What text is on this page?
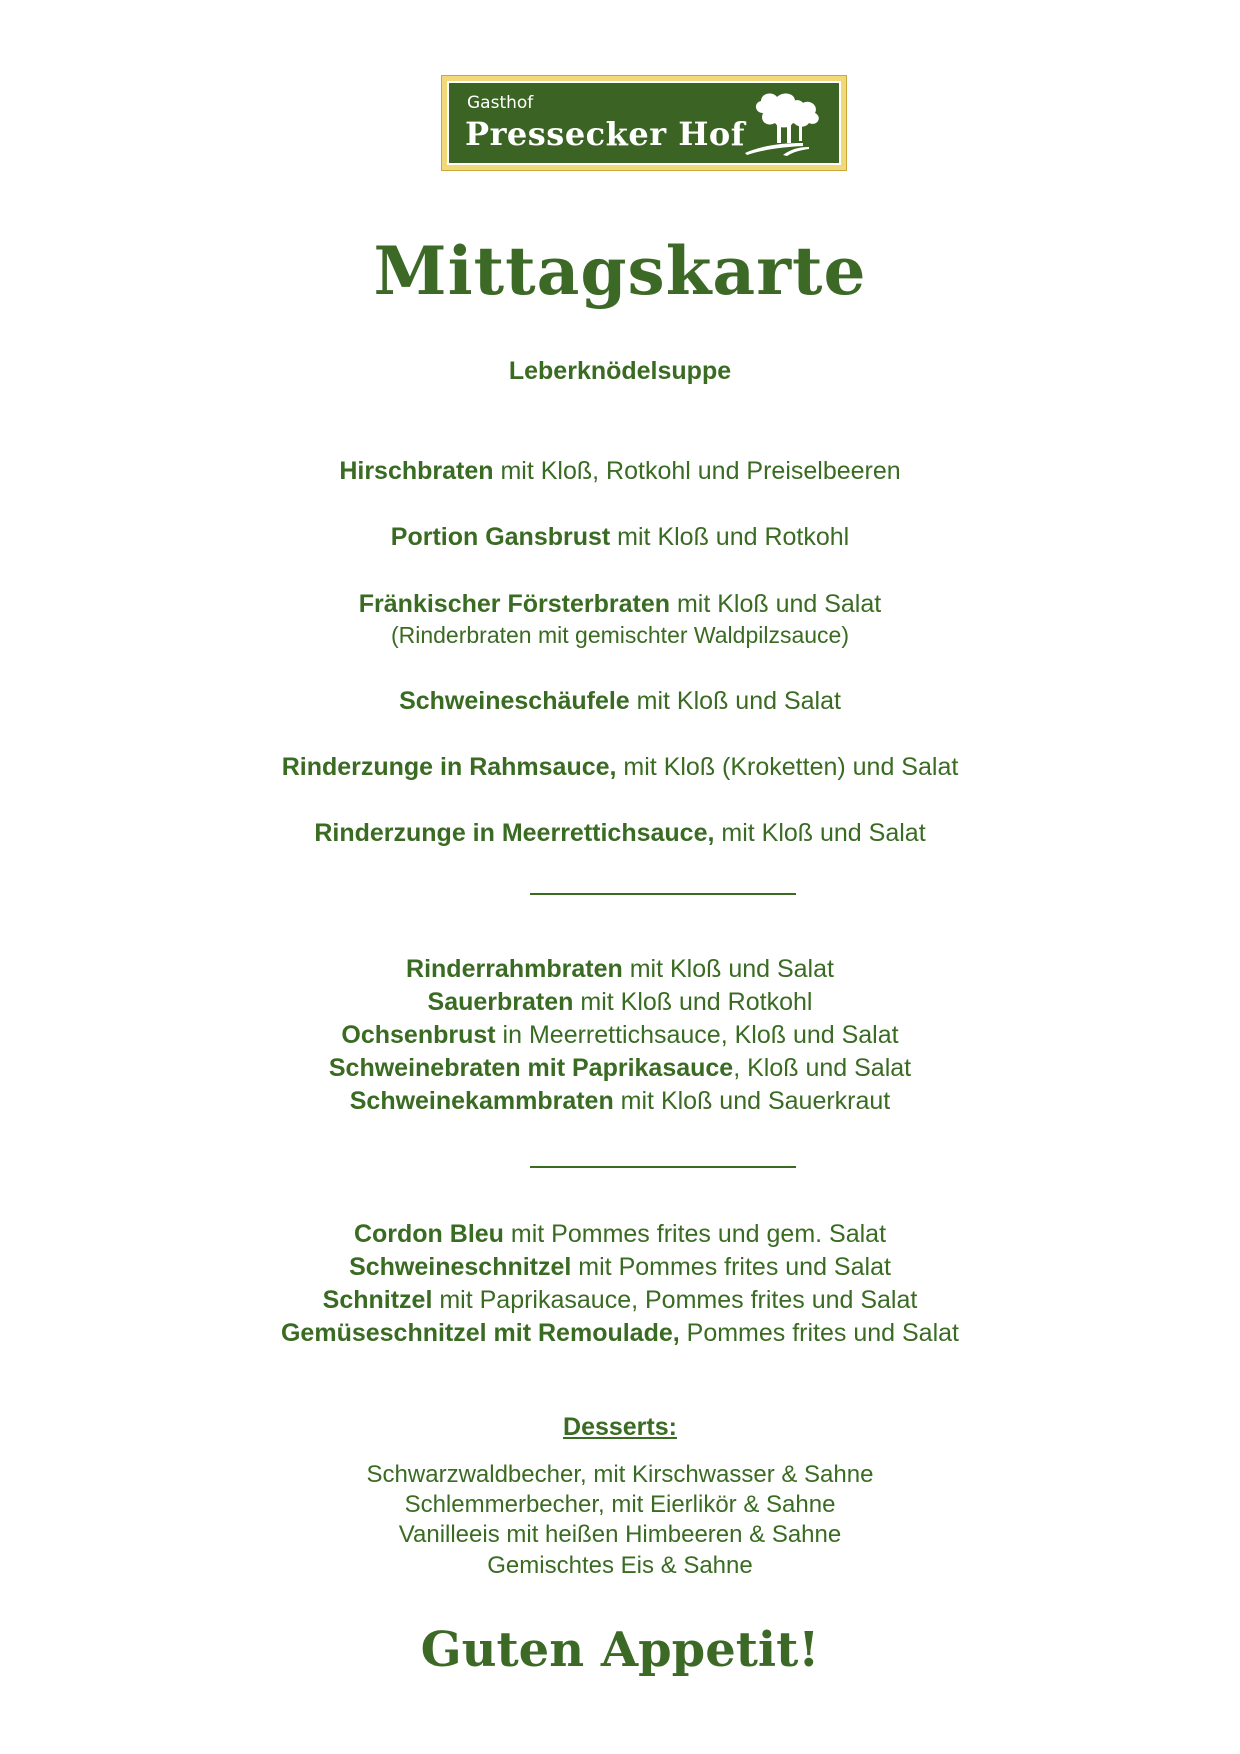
Gasthof
Pressecker Hof
Mittagskarte
Leberknödelsuppe
Hirschbraten mit Kloß, Rotkohl und Preiselbeeren
Portion Gansbrust mit Kloß und Rotkohl
Fränkischer Försterbraten mit Kloß und Salat
(Rinderbraten mit gemischter Waldpilzsauce)
Schweineschäufele mit Kloß und Salat
Rinderzunge in Rahmsauce, mit Kloß (Kroketten) und Salat
Rinderzunge in Meerrettichsauce, mit Kloß und Salat
Rinderrahmbraten mit Kloß und Salat
Sauerbraten mit Kloß und Rotkohl
Ochsenbrust in Meerrettichsauce, Kloß und Salat
Schweinebraten mit Paprikasauce, Kloß und Salat
Schweinekammbraten mit Kloß und Sauerkraut
Cordon Bleu mit Pommes frites und gem. Salat
Schweineschnitzel mit Pommes frites und Salat
Schnitzel mit Paprikasauce, Pommes frites und Salat
Gemüseschnitzel mit Remoulade, Pommes frites und Salat
Desserts:
Schwarzwaldbecher, mit Kirschwasser & Sahne
Schlemmerbecher, mit Eierlikör & Sahne
Vanilleeis mit heißen Himbeeren & Sahne
Gemischtes Eis & Sahne
Guten Appetit!
